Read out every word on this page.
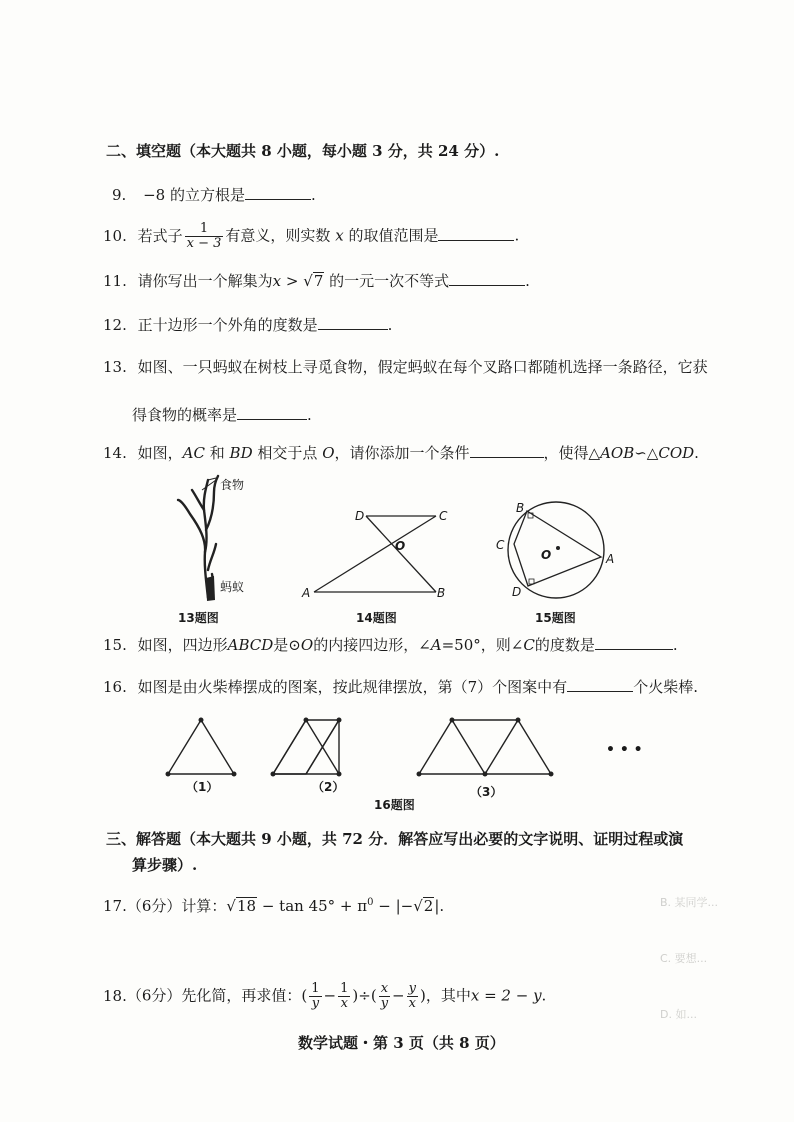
二、填空题（本大题共 8 小题，每小题 3 分，共 24 分）.
9. −8 的立方根是	.
10. 若式子 $\frac{1}{x - 3}$ 有意义，则实数 x 的取值范围是	.
11. 请你写出一个解集为x > √7 的一元一次不等式	.
12. 正十边形一个外角的度数是	.
13. 如图、一只蚂蚁在树枝上寻觅食物，假定蚂蚁在每个叉路口都随机选择一条路径，它获
得食物的概率是	.
14. 如图，AC 和 BD 相交于点 O，请你添加一个条件	，使得△AOB∽△COD.
食物
蚂蚁
13题图
D	C
O
A	B
14题图
B
C
O	A
D
15题图
15. 如图，四边形ABCD是⊙O的内接四边形，∠A=50°，则∠C的度数是	.
16. 如图是由火柴棒摆成的图案，按此规律摆放，第（7）个图案中有	个火柴棒.
（1）	（2）	（3）
• • •
16题图
三、解答题（本大题共 9 小题，共 72 分．解答应写出必要的文字说明、证明过程或演
算步骤）.
17.（6分）计算：$√18 - \tan 45^\circ + \pi^0 - |-√2|$.
18.（6分）先化简，再求值：( $\frac{1}{y} - \frac{1}{x}$ )÷( $\frac{x}{y} - \frac{y}{x}$ )，其中x = 2 − y.
B. 某同学...
C. 要想...
D. 如...
数学试题・第 3 页（共 8 页）
